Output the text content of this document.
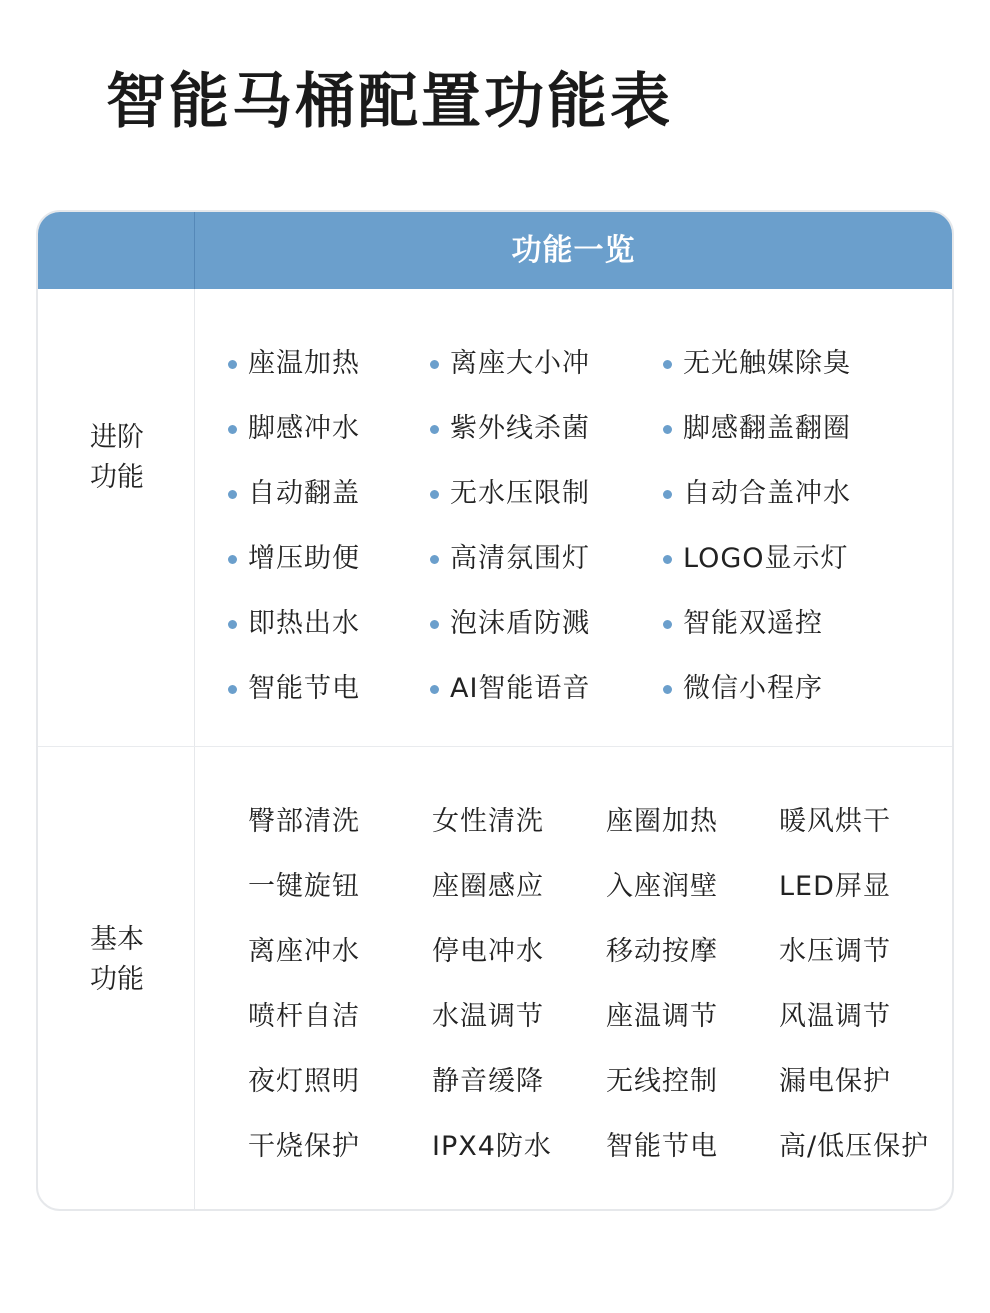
智能马桶配置功能表
功能一览
进阶
功能
基本
功能
座温加热	离座大小冲	无光触媒除臭
脚感冲水	紫外线杀菌	脚感翻盖翻圈
自动翻盖	无水压限制	自动合盖冲水
增压助便	高清氛围灯	LOGO显示灯
即热出水	泡沫盾防溅	智能双遥控
智能节电	AI智能语音	微信小程序
臀部清洗	女性清洗 座圈加热 暖风烘干
一键旋钮	座圈感应 入座润壁 LED屏显
离座冲水	停电冲水 移动按摩 水压调节
喷杆自洁	水温调节 座温调节 风温调节
夜灯照明	静音缓降 无线控制 漏电保护
干烧保护	IPX4防水 智能节电 高/低压保护
